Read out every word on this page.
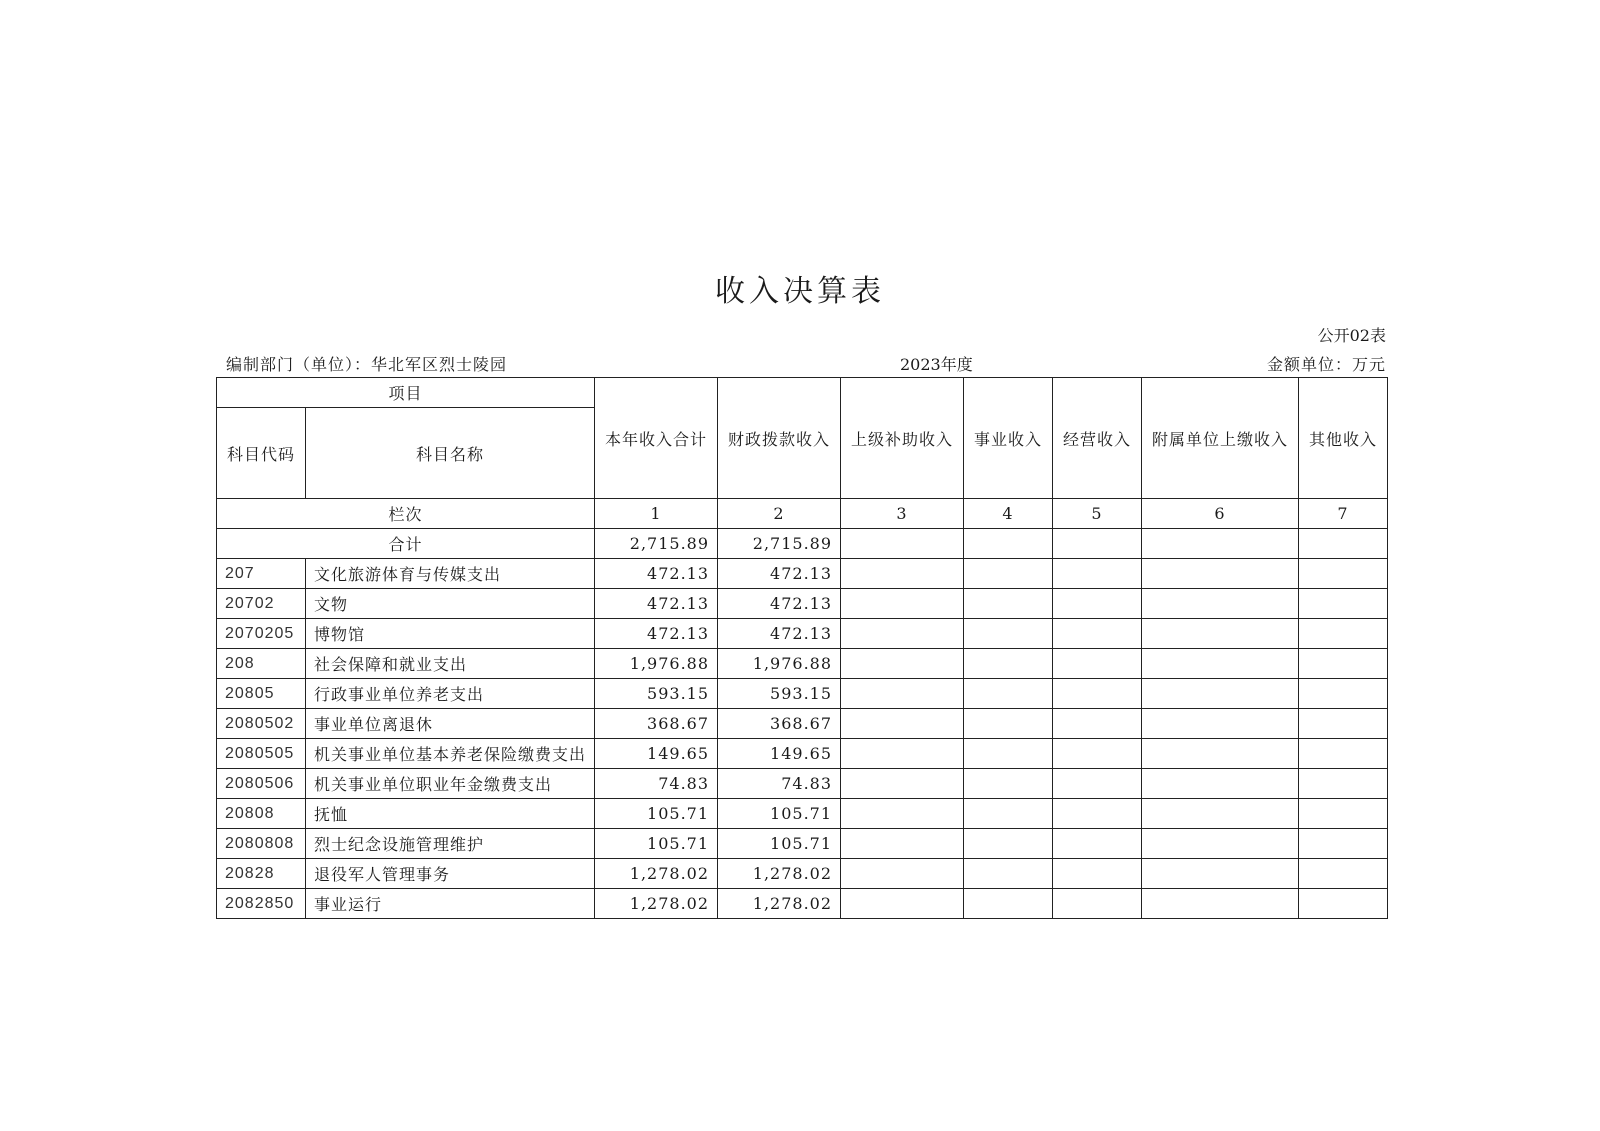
收入决算表
公开02表
编制部门（单位）：华北军区烈士陵园	2023年度	金额单位：万元
项目		本年收入合计	财政拨款收入	上级补助收入	事业收入	经营收入	附属单位上缴收入	其他收入
科目代码	科目名称							
栏次		1	2	3	4	5	6	7
合计		2,715.89	2,715.89					
207	文化旅游体育与传媒支出	472.13	472.13					
20702	文物	472.13	472.13					
2070205	博物馆	472.13	472.13					
208	社会保障和就业支出	1,976.88	1,976.88					
20805	行政事业单位养老支出	593.15	593.15					
2080502	事业单位离退休	368.67	368.67					
2080505	机关事业单位基本养老保险缴费支出	149.65	149.65					
2080506	机关事业单位职业年金缴费支出	74.83	74.83					
20808	抚恤	105.71	105.71					
2080808	烈士纪念设施管理维护	105.71	105.71					
20828	退役军人管理事务	1,278.02	1,278.02					
2082850	事业运行	1,278.02	1,278.02					
